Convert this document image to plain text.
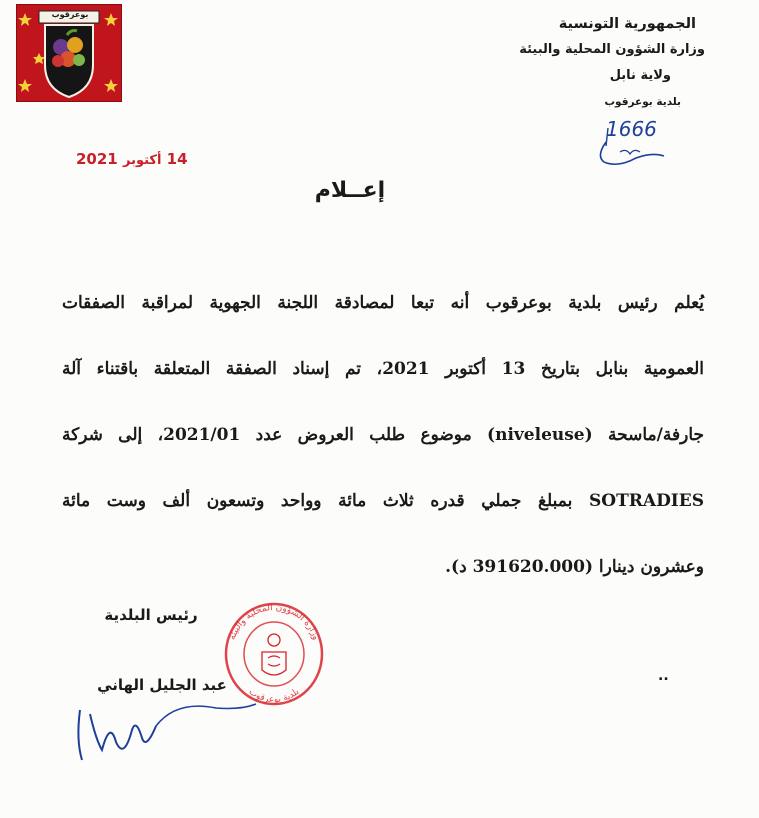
بوعرقوب
الجمهورية التونسية
وزارة الشؤون المحلية والبيئة
ولاية نابل
بلدية بوعرقوب
1666
14 أكتوبر 2021
إعــلام
يُعلم رئيس بلدية بوعرقوب أنه تبعا لمصادقة اللجنة الجهوية لمراقبة الصفقات
العمومية بنابل بتاريخ 13 أكتوبر 2021، تم إسناد الصفقة المتعلقة باقتناء آلة
جارفة/ماسحة (niveleuse) موضوع طلب العروض عدد 2021/01، إلى شركة
SOTRADIES بمبلغ جملي قدره ثلاث مائة وواحد وتسعون ألف وست مائة
وعشرون دينارا (391620.000 د).
رئيس البلدية
عبد الجليل الهاني
وزارة الشؤون المحلية والبيئة
بلدية بوعرقوب
..
